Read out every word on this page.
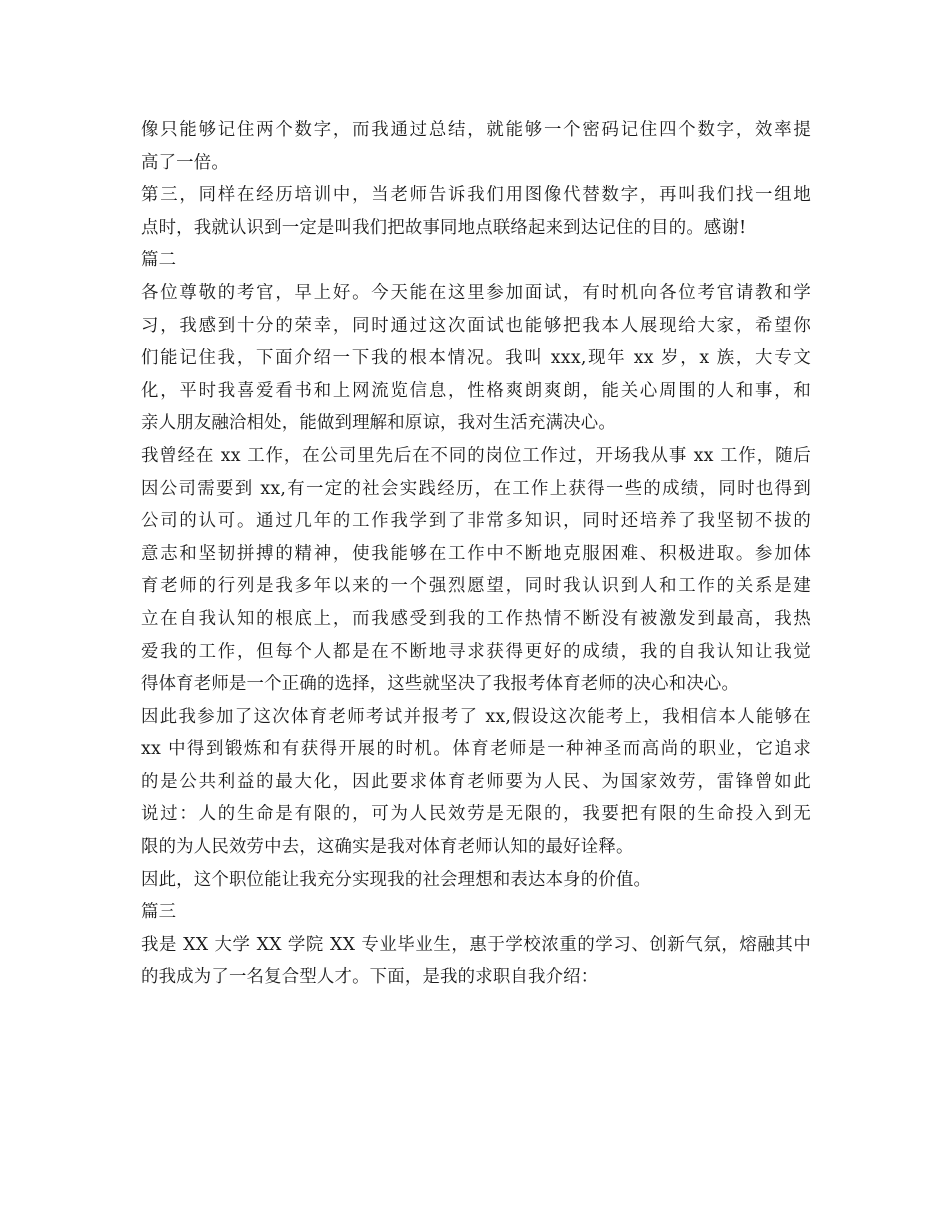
像只能够记住两个数字，而我通过总结，就能够一个密码记住四个数字，效率提
高了一倍。
第三，同样在经历培训中，当老师告诉我们用图像代替数字，再叫我们找一组地
点时，我就认识到一定是叫我们把故事同地点联络起来到达记住的目的。感谢!
篇二
各位尊敬的考官，早上好。今天能在这里参加面试，有时机向各位考官请教和学
习，我感到十分的荣幸，同时通过这次面试也能够把我本人展现给大家，希望你
们能记住我，下面介绍一下我的根本情况。我叫 xxx,现年 xx 岁，x 族，大专文
化，平时我喜爱看书和上网流览信息，性格爽朗爽朗，能关心周围的人和事，和
亲人朋友融洽相处，能做到理解和原谅，我对生活充满决心。
我曾经在 xx 工作，在公司里先后在不同的岗位工作过，开场我从事 xx 工作，随后
因公司需要到 xx,有一定的社会实践经历，在工作上获得一些的成绩，同时也得到
公司的认可。通过几年的工作我学到了非常多知识，同时还培养了我坚韧不拔的
意志和坚韧拼搏的精神，使我能够在工作中不断地克服困难、积极进取。参加体
育老师的行列是我多年以来的一个强烈愿望，同时我认识到人和工作的关系是建
立在自我认知的根底上，而我感受到我的工作热情不断没有被激发到最高，我热
爱我的工作，但每个人都是在不断地寻求获得更好的成绩，我的自我认知让我觉
得体育老师是一个正确的选择，这些就坚决了我报考体育老师的决心和决心。
因此我参加了这次体育老师考试并报考了 xx,假设这次能考上，我相信本人能够在
xx 中得到锻炼和有获得开展的时机。体育老师是一种神圣而高尚的职业，它追求
的是公共利益的最大化，因此要求体育老师要为人民、为国家效劳，雷锋曾如此
说过：人的生命是有限的，可为人民效劳是无限的，我要把有限的生命投入到无
限的为人民效劳中去，这确实是我对体育老师认知的最好诠释。
因此，这个职位能让我充分实现我的社会理想和表达本身的价值。
篇三
我是 XX 大学 XX 学院 XX 专业毕业生，惠于学校浓重的学习、创新气氛，熔融其中
的我成为了一名复合型人才。下面，是我的求职自我介绍：
